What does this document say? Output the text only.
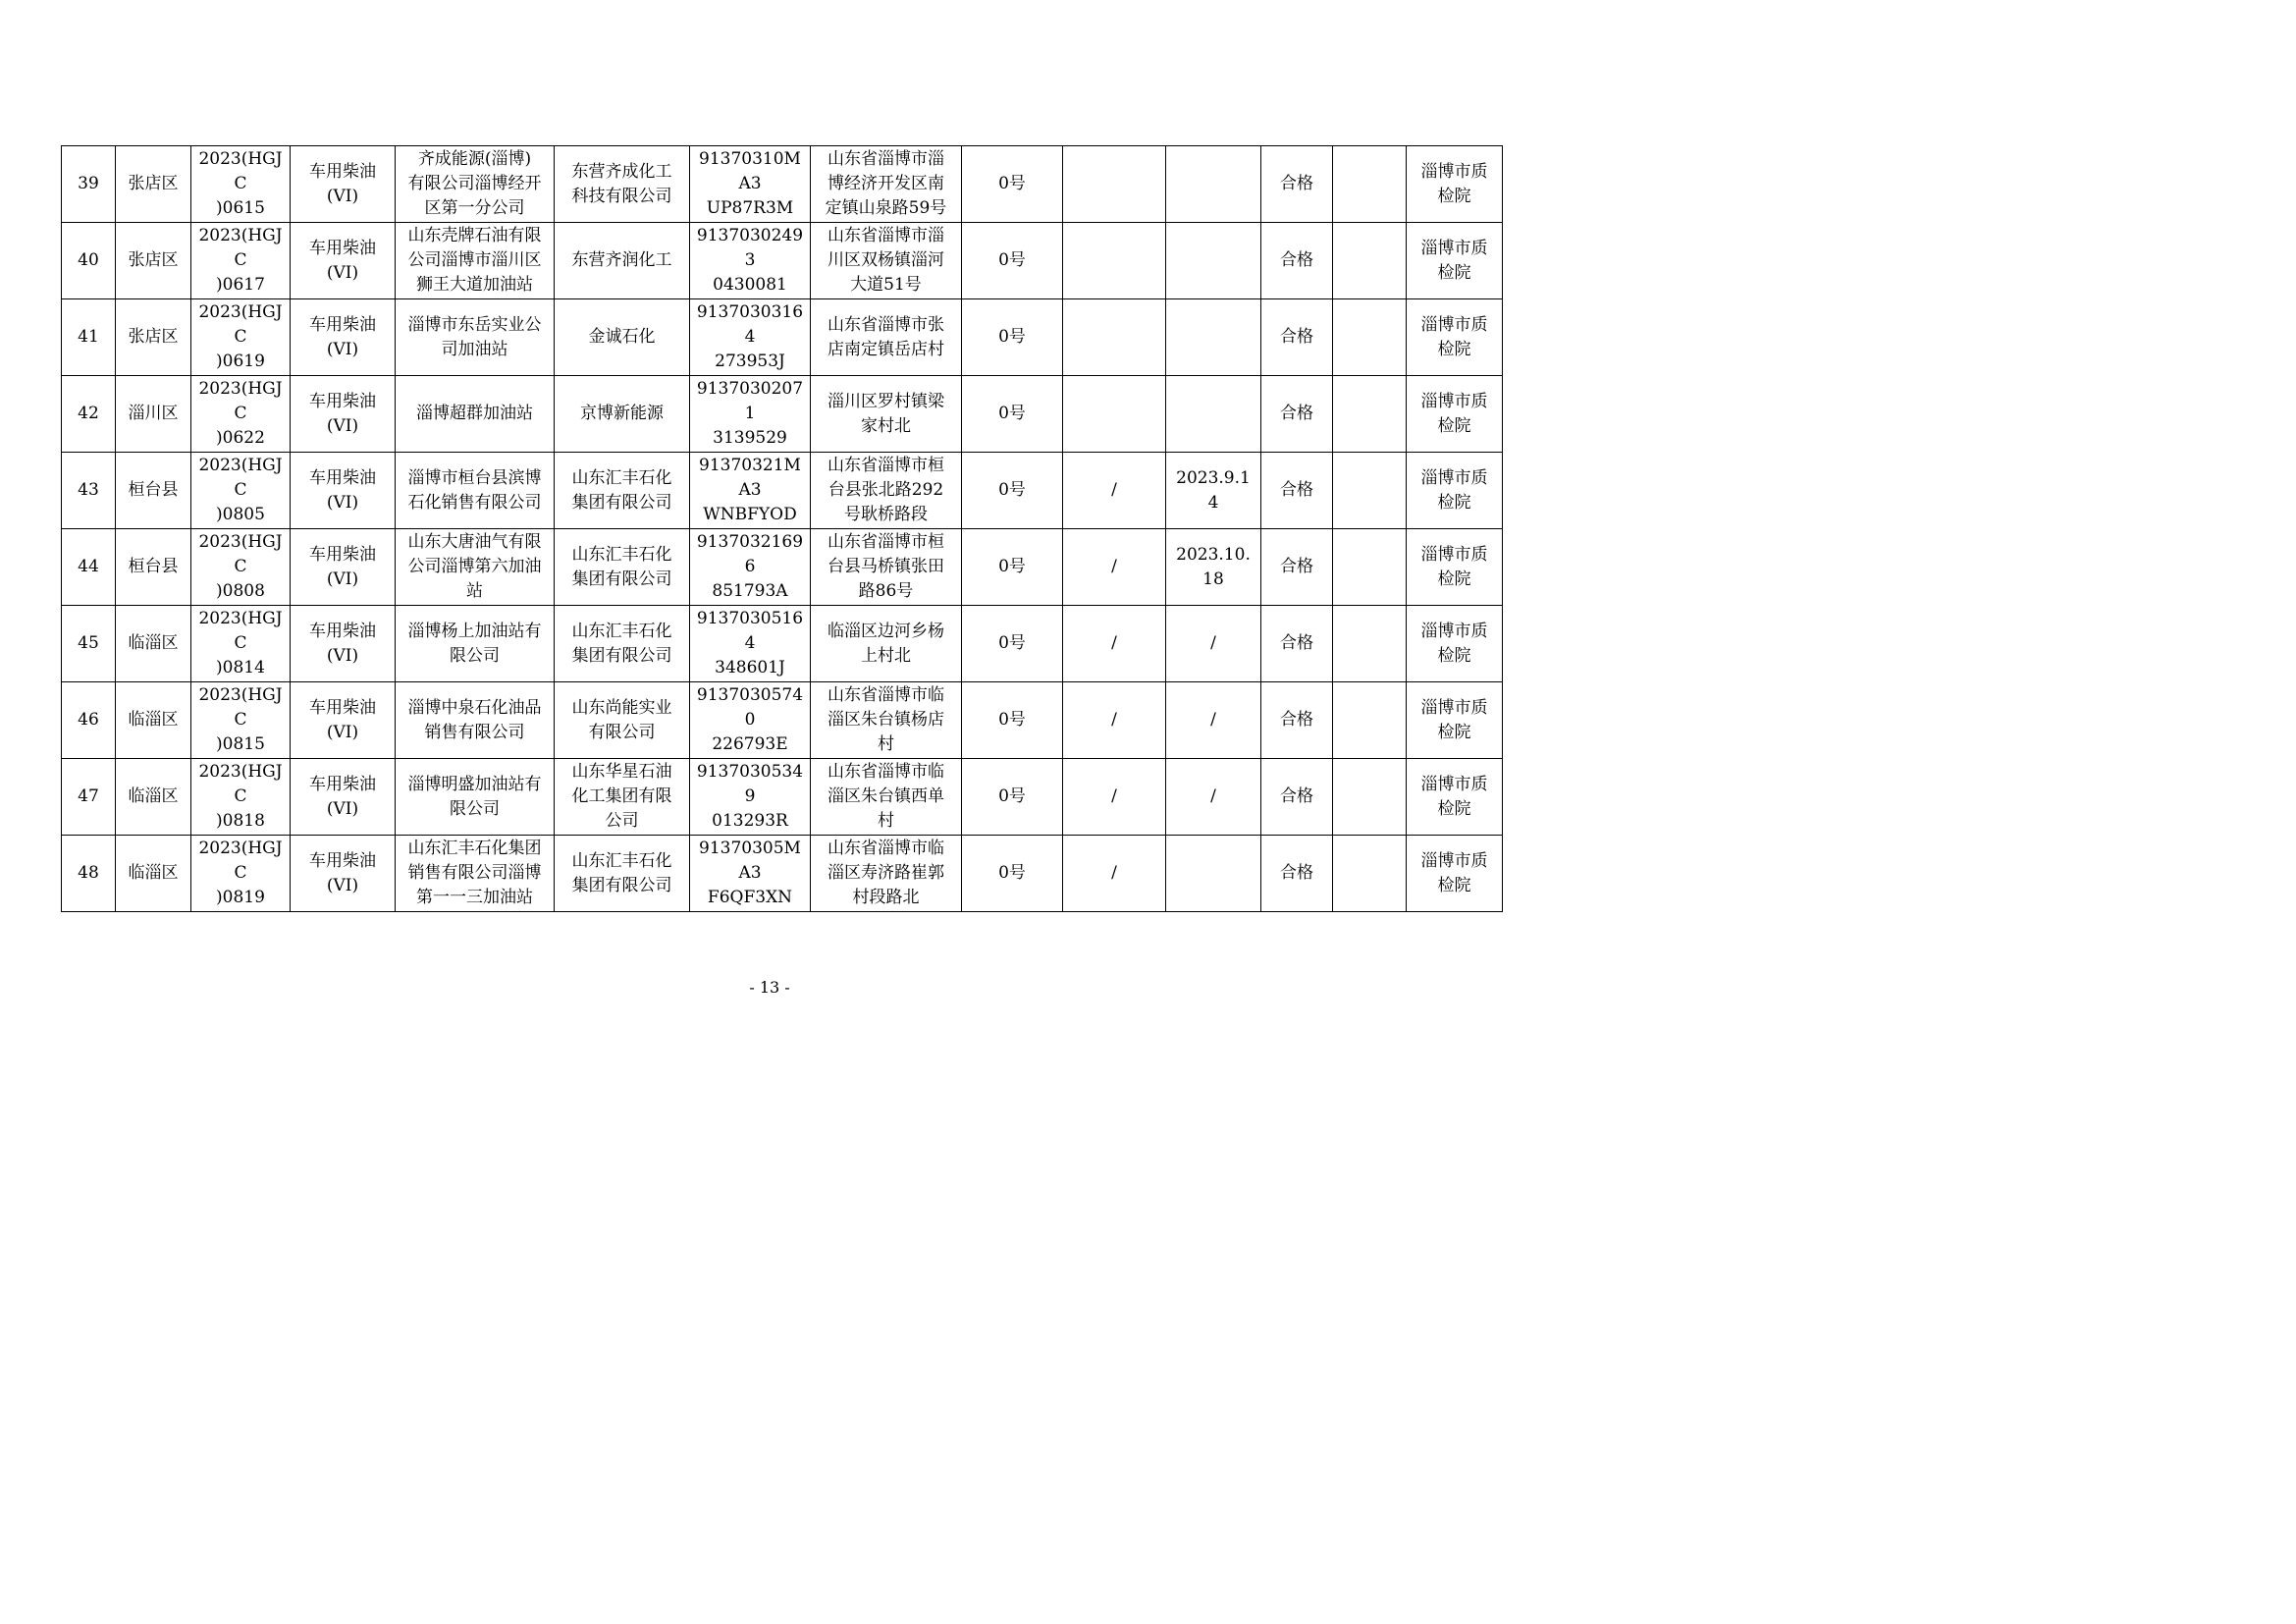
39	张店区	2023(HGJC
)0615	车用柴油
(VI)	齐成能源(淄博)
有限公司淄博经开
区第一分公司	东营齐成化工
科技有限公司	91370310MA3
UP87R3M	山东省淄博市淄
博经济开发区南
定镇山泉路59号	0号			合格		淄博市质
检院
40	张店区	2023(HGJC
)0617	车用柴油
(VI)	山东壳牌石油有限
公司淄博市淄川区
狮王大道加油站	东营齐润化工	91370302493
0430081	山东省淄博市淄
川区双杨镇淄河
大道51号	0号			合格		淄博市质
检院
41	张店区	2023(HGJC
)0619	车用柴油
(VI)	淄博市东岳实业公
司加油站	金诚石化	91370303164
273953J	山东省淄博市张
店南定镇岳店村	0号			合格		淄博市质
检院
42	淄川区	2023(HGJC
)0622	车用柴油
(VI)	淄博超群加油站	京博新能源	91370302071
3139529	淄川区罗村镇梁
家村北	0号			合格		淄博市质
检院
43	桓台县	2023(HGJC
)0805	车用柴油
(VI)	淄博市桓台县滨博
石化销售有限公司	山东汇丰石化
集团有限公司	91370321MA3
WNBFYOD	山东省淄博市桓
台县张北路292
号耿桥路段	0号	/	2023.9.1
4	合格		淄博市质
检院
44	桓台县	2023(HGJC
)0808	车用柴油
(VI)	山东大唐油气有限
公司淄博第六加油
站	山东汇丰石化
集团有限公司	91370321696
851793A	山东省淄博市桓
台县马桥镇张田
路86号	0号	/	2023.10.
18	合格		淄博市质
检院
45	临淄区	2023(HGJC
)0814	车用柴油
(VI)	淄博杨上加油站有
限公司	山东汇丰石化
集团有限公司	91370305164
348601J	临淄区边河乡杨
上村北	0号	/	/	合格		淄博市质
检院
46	临淄区	2023(HGJC
)0815	车用柴油
(VI)	淄博中泉石化油品
销售有限公司	山东尚能实业
有限公司	91370305740
226793E	山东省淄博市临
淄区朱台镇杨店
村	0号	/	/	合格		淄博市质
检院
47	临淄区	2023(HGJC
)0818	车用柴油
(VI)	淄博明盛加油站有
限公司	山东华星石油
化工集团有限
公司	91370305349
013293R	山东省淄博市临
淄区朱台镇西单
村	0号	/	/	合格		淄博市质
检院
48	临淄区	2023(HGJC
)0819	车用柴油
(VI)	山东汇丰石化集团
销售有限公司淄博
第一一三加油站	山东汇丰石化
集团有限公司	91370305MA3
F6QF3XN	山东省淄博市临
淄区寿济路崔郭
村段路北	0号	/		合格		淄博市质
检院
- 13 -
